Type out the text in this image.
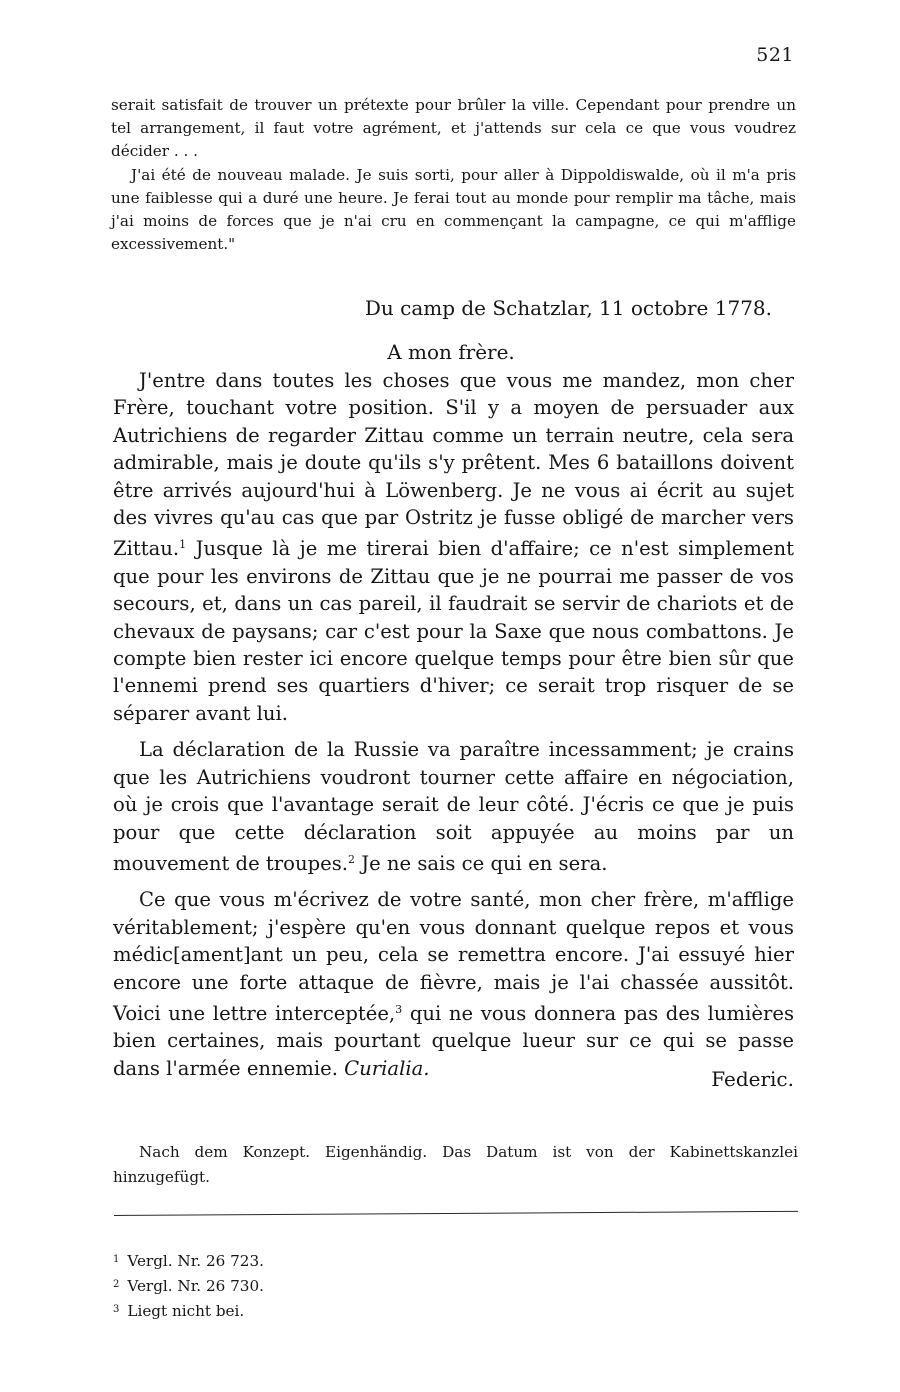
521

serait satisfait de trouver un prétexte pour brûler la ville. Cependant pour prendre un tel arrangement, il faut votre agrément, et j'attends sur cela ce que vous voudrez décider . . .

J'ai été de nouveau malade. Je suis sorti, pour aller à Dippoldiswalde, où il m'a pris une faiblesse qui a duré une heure. Je ferai tout au monde pour remplir ma tâche, mais j'ai moins de forces que je n'ai cru en commençant la campagne, ce qui m'afflige excessivement."

Du camp de Schatzlar, 11 octobre 1778.
A mon frère.

J'entre dans toutes les choses que vous me mandez, mon cher Frère, touchant votre position. S'il y a moyen de persuader aux Autrichiens de regarder Zittau comme un terrain neutre, cela sera admirable, mais je doute qu'ils s'y prêtent. Mes 6 bataillons doivent être arrivés aujourd'hui à Löwenberg. Je ne vous ai écrit au sujet des vivres qu'au cas que par Ostritz je fusse obligé de marcher vers Zittau.$^1$ Jusque là je me tirerai bien d'affaire; ce n'est simplement que pour les environs de Zittau que je ne pourrai me passer de vos secours, et, dans un cas pareil, il faudrait se servir de chariots et de chevaux de paysans; car c'est pour la Saxe que nous combattons. Je compte bien rester ici encore quelque temps pour être bien sûr que l'ennemi prend ses quartiers d'hiver; ce serait trop risquer de se séparer avant lui.

La déclaration de la Russie va paraître incessamment; je crains que les Autrichiens voudront tourner cette affaire en négociation, où je crois que l'avantage serait de leur côté. J'écris ce que je puis pour que cette déclaration soit appuyée au moins par un mouvement de troupes.$^2$ Je ne sais ce qui en sera.

Ce que vous m'écrivez de votre santé, mon cher frère, m'afflige véritablement; j'espère qu'en vous donnant quelque repos et vous médic[ament]ant un peu, cela se remettra encore. J'ai essuyé hier encore une forte attaque de fièvre, mais je l'ai chassée aussitôt. Voici une lettre interceptée,$^3$ qui ne vous donnera pas des lumières bien certaines, mais pourtant quelque lueur sur ce qui se passe dans l'armée ennemie. Curialia.	Federic.
Nach dem Konzept. Eigenhändig. Das Datum ist von der Kabinettskanzlei hinzugefügt.
$^1$ Vergl. Nr. 26 723.
$^2$ Vergl. Nr. 26 730.
$^3$ Liegt nicht bei.
